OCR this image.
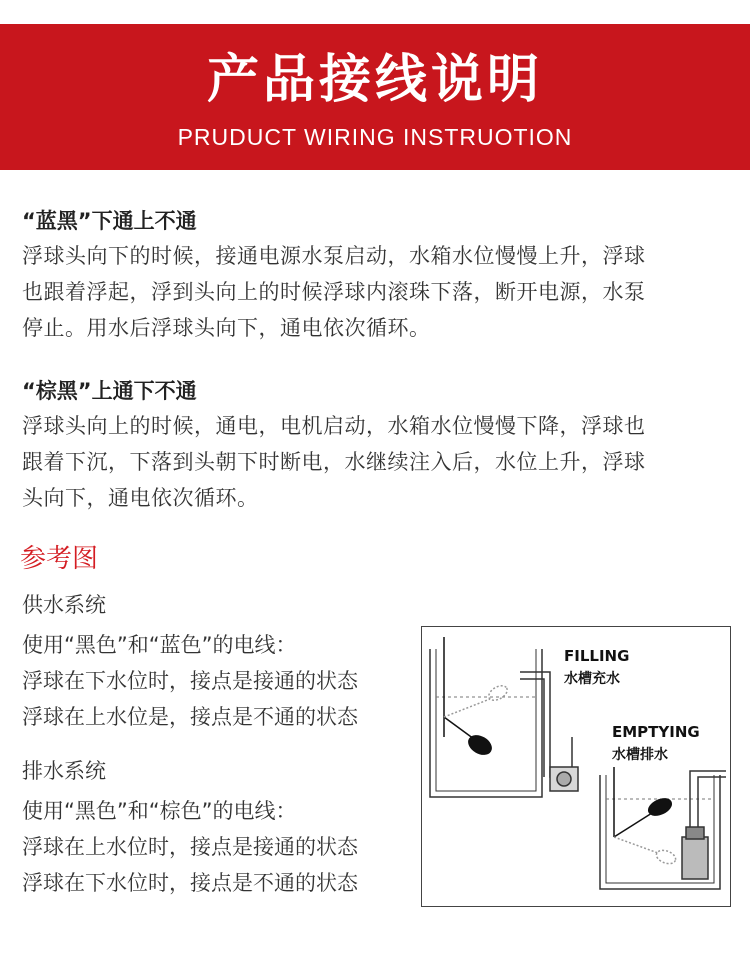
产品接线说明
PRUDUCT WIRING INSTRUOTION
“蓝黑”下通上不通
浮球头向下的时候，接通电源水泵启动，水箱水位慢慢上升，浮球
也跟着浮起，浮到头向上的时候浮球内滚珠下落，断开电源，水泵
停止。用水后浮球头向下，通电依次循环。
“棕黑”上通下不通
浮球头向上的时候，通电，电机启动，水箱水位慢慢下降，浮球也
跟着下沉，下落到头朝下时断电，水继续注入后，水位上升，浮球
头向下，通电依次循环。
参考图
供水系统
使用“黑色”和“蓝色”的电线：
浮球在下水位时，接点是接通的状态
浮球在上水位是，接点是不通的状态
排水系统
使用“黑色”和“棕色”的电线：
浮球在上水位时，接点是接通的状态
浮球在下水位时，接点是不通的状态
FILLING
水槽充水
EMPTYING
水槽排水
